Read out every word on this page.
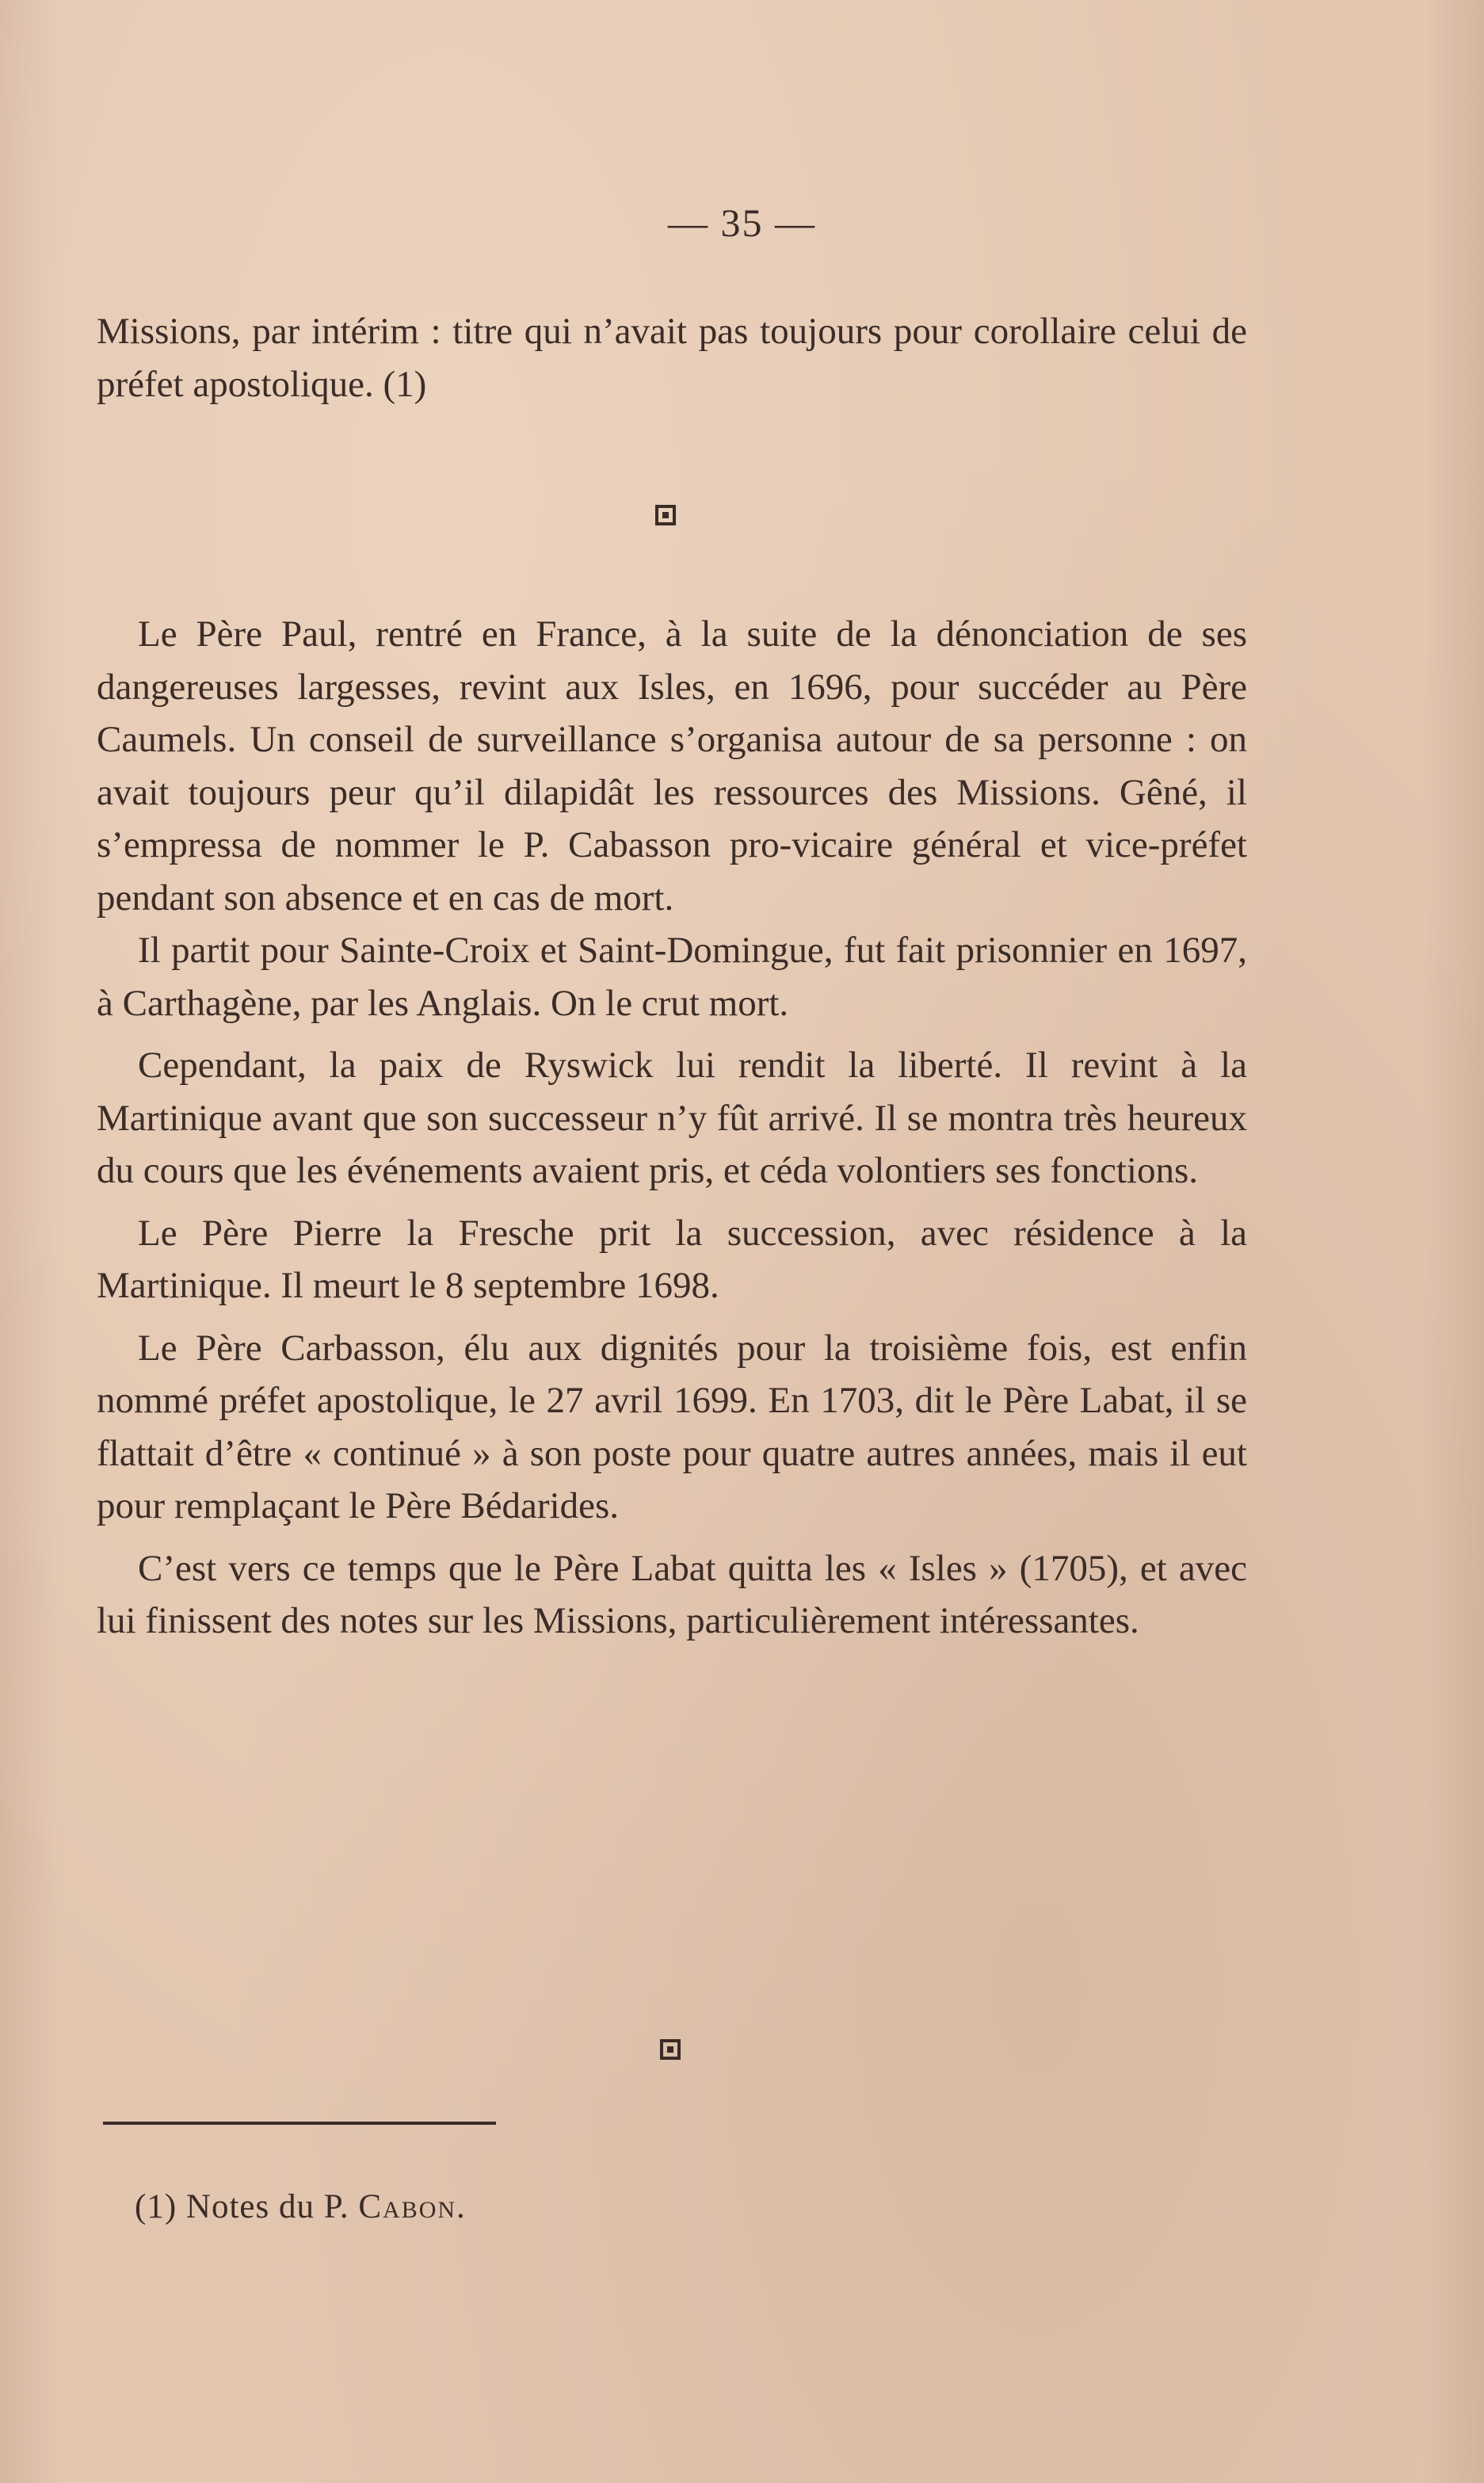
— 35 —

Missions, par intérim : titre qui n’avait pas toujours pour corollaire celui de préfet apostolique. (1)

Le Père Paul, rentré en France, à la suite de la dénonciation de ses dangereuses largesses, revint aux Isles, en 1696, pour succéder au Père Caumels. Un conseil de surveillance s’organisa autour de sa personne : on avait toujours peur qu’il dilapidât les ressources des Missions. Gêné, il s’empressa de nommer le P. Cabasson pro-vicaire général et vice-préfet pendant son absence et en cas de mort.

Il partit pour Sainte-Croix et Saint-Domingue, fut fait prisonnier en 1697, à Carthagène, par les Anglais. On le crut mort.

Cependant, la paix de Ryswick lui rendit la liberté. Il revint à la Martinique avant que son successeur n’y fût arrivé. Il se montra très heureux du cours que les événements avaient pris, et céda volontiers ses fonctions.

Le Père Pierre la Fresche prit la succession, avec résidence à la Martinique. Il meurt le 8 septembre 1698.

Le Père Carbasson, élu aux dignités pour la troisième fois, est enfin nommé préfet apostolique, le 27 avril 1699. En 1703, dit le Père Labat, il se flattait d’être « continué » à son poste pour quatre autres années, mais il eut pour remplaçant le Père Bédarides.

C’est vers ce temps que le Père Labat quitta les « Isles » (1705), et avec lui finissent des notes sur les Missions, particulièrement intéressantes.

(1) Notes du P. Cabon.
